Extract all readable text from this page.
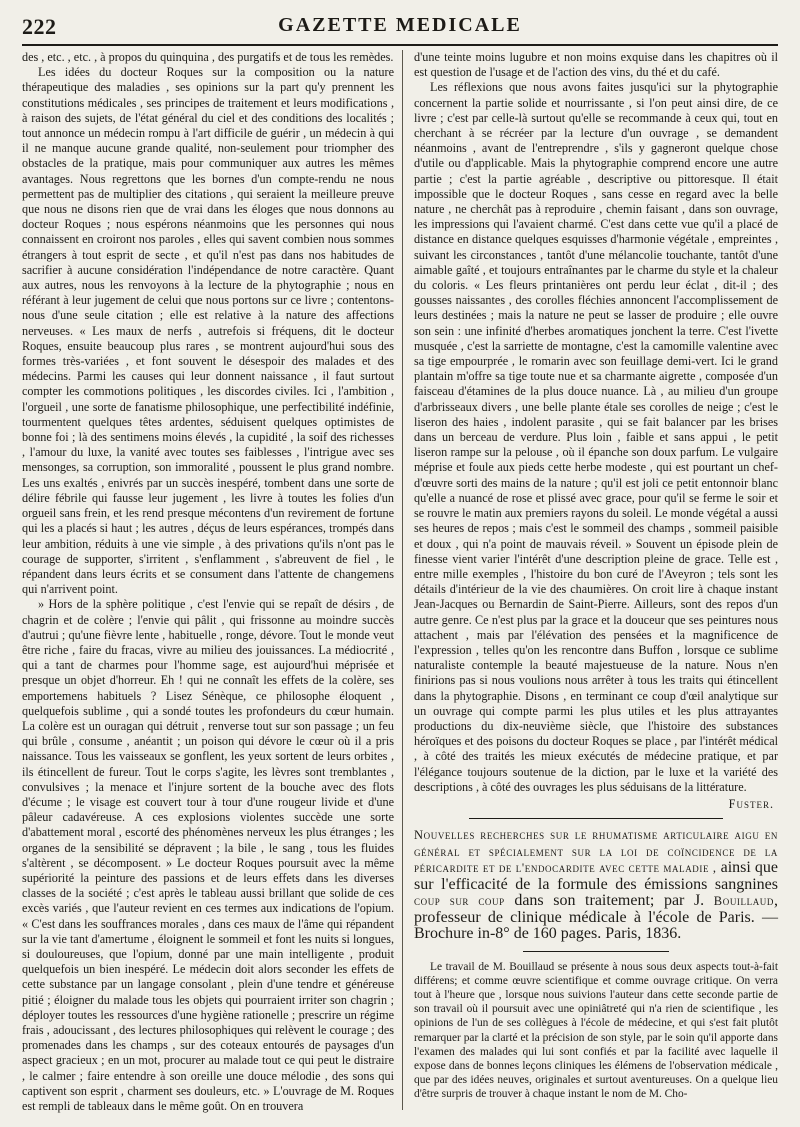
222	GAZETTE MEDICALE

des , etc. , etc. , à propos du quinquina , des purgatifs et de tous les remèdes.

Les idées du docteur Roques sur la composition ou la nature thérapeutique des maladies , ses opinions sur la part qu'y prennent les constitutions médicales , ses principes de traitement et leurs modifications , à raison des sujets, de l'état général du ciel et des conditions des localités ; tout annonce un médecin rompu à l'art difficile de guérir , un médecin à qui il ne manque aucune grande qualité, non-seulement pour triompher des obstacles de la pratique, mais pour communiquer aux autres les mêmes avantages. Nous regrettons que les bornes d'un compte-rendu ne nous permettent pas de multiplier des citations , qui seraient la meilleure preuve que nous ne disons rien que de vrai dans les éloges que nous donnons au docteur Roques ; nous espérons néanmoins que les personnes qui nous connaissent en croiront nos paroles , elles qui savent combien nous sommes étrangers à tout esprit de secte , et qu'il n'est pas dans nos habitudes de sacrifier à aucune considération l'indépendance de notre caractère. Quant aux autres, nous les renvoyons à la lecture de la phytographie ; nous en référant à leur jugement de celui que nous portons sur ce livre ; contentons-nous d'une seule citation ; elle est relative à la nature des affections nerveuses. « Les maux de nerfs , autrefois si fréquens, dit le docteur Roques, ensuite beaucoup plus rares , se montrent aujourd'hui sous des formes très-variées , et font souvent le désespoir des malades et des médecins. Parmi les causes qui leur donnent naissance , il faut surtout compter les commotions politiques , les discordes civiles. Ici , l'ambition , l'orgueil , une sorte de fanatisme philosophique, une perfectibilité indéfinie, tourmentent quelques têtes ardentes, séduisent quelques optimistes de bonne foi ; là des sentimens moins élevés , la cupidité , la soif des richesses , l'amour du luxe, la vanité avec toutes ses faiblesses , l'intrigue avec ses mensonges, sa corruption, son immoralité , poussent le plus grand nombre. Les uns exaltés , enivrés par un succès inespéré, tombent dans une sorte de délire fébrile qui fausse leur jugement , les livre à toutes les folies d'un orgueil sans frein, et les rend presque mécontens d'un revirement de fortune qui les a placés si haut ; les autres , déçus de leurs espérances, trompés dans leur ambition, réduits à une vie simple , à des privations qu'ils n'ont pas le courage de supporter, s'irritent , s'enflamment , s'abreuvent de fiel , le répandent dans leurs écrits et se consument dans l'attente de changemens qui n'arrivent point.

» Hors de la sphère politique , c'est l'envie qui se repaît de désirs , de chagrin et de colère ; l'envie qui pâlit , qui frissonne au moindre succès d'autrui ; qu'une fièvre lente , habituelle , ronge, dévore. Tout le monde veut être riche , faire du fracas, vivre au milieu des jouissances. La médiocrité , qui a tant de charmes pour l'homme sage, est aujourd'hui méprisée et presque un objet d'horreur. Eh ! qui ne connaît les effets de la colère, ses emportemens habituels ? Lisez Sénèque, ce philosophe éloquent , quelquefois sublime , qui a sondé toutes les profondeurs du cœur humain. La colère est un ouragan qui détruit , renverse tout sur son passage ; un feu qui brûle , consume , anéantit ; un poison qui dévore le cœur où il a pris naissance. Tous les vaisseaux se gonflent, les yeux sortent de leurs orbites , ils étincellent de fureur. Tout le corps s'agite, les lèvres sont tremblantes , convulsives ; la menace et l'injure sortent de la bouche avec des flots d'écume ; le visage est couvert tour à tour d'une rougeur livide et d'une pâleur cadavéreuse. A ces explosions violentes succède une sorte d'abattement moral , escorté des phénomènes nerveux les plus étranges ; les organes de la sensibilité se dépravent ; la bile , le sang , tous les fluides s'altèrent , se décomposent. » Le docteur Roques poursuit avec la même supériorité la peinture des passions et de leurs effets dans les diverses classes de la société ; c'est après le tableau aussi brillant que solide de ces excès variés , que l'auteur revient en ces termes aux indications de l'opium. « C'est dans les souffrances morales , dans ces maux de l'âme qui répandent sur la vie tant d'amertume , éloignent le sommeil et font les nuits si longues, si douloureuses, que l'opium, donné par une main intelligente , produit quelquefois un bien inespéré. Le médecin doit alors seconder les effets de cette substance par un langage consolant , plein d'une tendre et généreuse pitié ; éloigner du malade tous les objets qui pourraient irriter son chagrin ; déployer toutes les ressources d'une hygiène rationelle ; prescrire un régime frais , adoucissant , des lectures philosophiques qui relèvent le courage ; des promenades dans les champs , sur des coteaux entourés de paysages d'un aspect gracieux ; en un mot, procurer au malade tout ce qui peut le distraire , le calmer ; faire entendre à son oreille une douce mélodie , des sons qui captivent son esprit , charment ses douleurs, etc. » L'ouvrage de M. Roques est rempli de tableaux dans le même goût. On en trouvera

d'une teinte moins lugubre et non moins exquise dans les chapitres où il est question de l'usage et de l'action des vins, du thé et du café.

Les réflexions que nous avons faites jusqu'ici sur la phytographie concernent la partie solide et nourrissante , si l'on peut ainsi dire, de ce livre ; c'est par celle-là surtout qu'elle se recommande à ceux qui, tout en cherchant à se récréer par la lecture d'un ouvrage , se demandent néanmoins , avant de l'entreprendre , s'ils y gagneront quelque chose d'utile ou d'applicable. Mais la phytographie comprend encore une autre partie ; c'est la partie agréable , descriptive ou pittoresque. Il était impossible que le docteur Roques , sans cesse en regard avec la belle nature , ne cherchât pas à reproduire , chemin faisant , dans son ouvrage, les impressions qui l'avaient charmé. C'est dans cette vue qu'il a placé de distance en distance quelques esquisses d'harmonie végétale , empreintes , suivant les circonstances , tantôt d'une mélancolie touchante, tantôt d'une aimable gaîté , et toujours entraînantes par le charme du style et la chaleur du coloris. « Les fleurs printanières ont perdu leur éclat , dit-il ; des gousses naissantes , des corolles fléchies annoncent l'accomplissement de leurs destinées ; mais la nature ne peut se lasser de produire ; elle ouvre son sein : une infinité d'herbes aromatiques jonchent la terre. C'est l'ivette musquée , c'est la sarriette de montagne, c'est la camomille valentine avec sa tige empourprée , le romarin avec son feuillage demi-vert. Ici le grand plantain m'offre sa tige toute nue et sa charmante aigrette , composée d'un faisceau d'étamines de la plus douce nuance. Là , au milieu d'un groupe d'arbrisseaux divers , une belle plante étale ses corolles de neige ; c'est le liseron des haies , indolent parasite , qui se fait balancer par les brises dans un berceau de verdure. Plus loin , faible et sans appui , le petit liseron rampe sur la pelouse , où il épanche son doux parfum. Le vulgaire méprise et foule aux pieds cette herbe modeste , qui est pourtant un chef-d'œuvre sorti des mains de la nature ; qu'il est joli ce petit entonnoir blanc qu'elle a nuancé de rose et plissé avec grace, pour qu'il se ferme le soir et se rouvre le matin aux premiers rayons du soleil. Le monde végétal a aussi ses heures de repos ; mais c'est le sommeil des champs , sommeil paisible et doux , qui n'a point de mauvais réveil. » Souvent un épisode plein de finesse vient varier l'intérêt d'une description pleine de grace. Telle est , entre mille exemples , l'histoire du bon curé de l'Aveyron ; tels sont les détails d'intérieur de la vie des chaumières. On croit lire à chaque instant Jean-Jacques ou Bernardin de Saint-Pierre. Ailleurs, sont des repos d'un autre genre. Ce n'est plus par la grace et la douceur que ses peintures nous attachent , mais par l'élévation des pensées et la magnificence de l'expression , telles qu'on les rencontre dans Buffon , lorsque ce sublime naturaliste contemple la beauté majestueuse de la nature. Nous n'en finirions pas si nous voulions nous arrêter à tous les traits qui étincellent dans la phytographie. Disons , en terminant ce coup d'œil analytique sur un ouvrage qui compte parmi les plus utiles et les plus attrayantes productions du dix-neuvième siècle, que l'histoire des substances héroïques et des poisons du docteur Roques se place , par l'intérêt médical , à côté des traités les mieux exécutés de médecine pratique, et par l'élégance toujours soutenue de la diction, par le luxe et la variété des descriptions , à côté des ouvrages les plus séduisans de la littérature.

Fuster.

Nouvelles recherches sur le rhumatisme articulaire aigu en général et spécialement sur la loi de coïncidence de la péricardite et de l'endocardite avec cette maladie , ainsi que sur l'efficacité de la formule des émissions sangnines coup sur coup dans son traitement; par J. Bouillaud, professeur de clinique médicale à l'école de Paris. — Brochure in-8° de 160 pages. Paris, 1836.

Le travail de M. Bouillaud se présente à nous sous deux aspects tout-à-fait différens; et comme œuvre scientifique et comme ouvrage critique. On verra tout à l'heure que , lorsque nous suivions l'auteur dans cette seconde partie de son travail où il poursuit avec une opiniâtreté qui n'a rien de scientifique , les opinions de l'un de ses collègues à l'école de médecine, et qui s'est fait plutôt remarquer par la clarté et la précision de son style, par le soin qu'il apporte dans l'examen des malades qui lui sont confiés et par la facilité avec laquelle il expose dans de bonnes leçons cliniques les élémens de l'observation médicale , que par des idées neuves, originales et surtout aventureuses. On a quelque lieu d'être surpris de trouver à chaque instant le nom de M. Cho-
